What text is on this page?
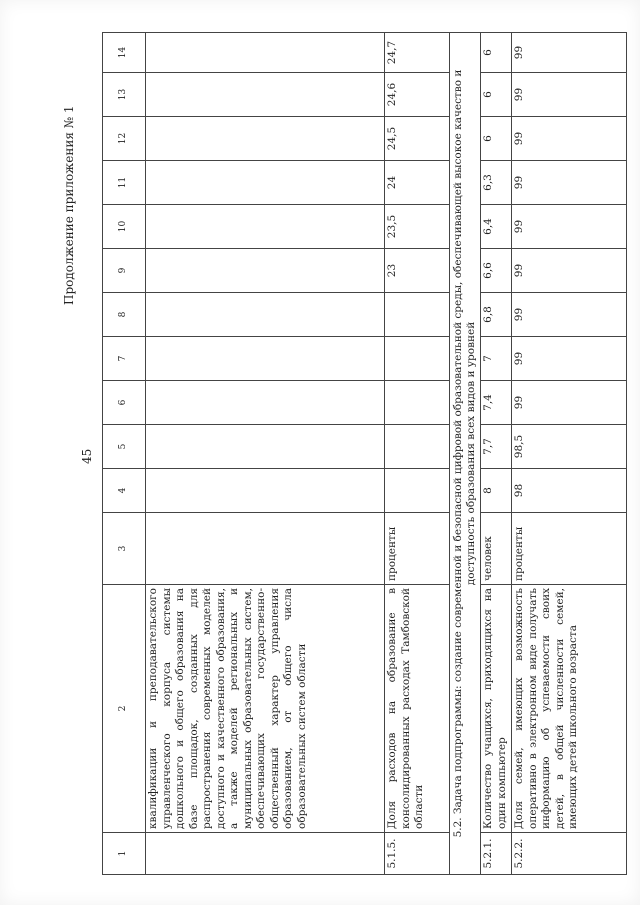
45
Продолжение приложения № 1
1	2	3	4	5	6	7	8	9	10	11	12	13	14
	квалификации и преподавательского управленческого корпуса системы дошкольного и общего образования на базе площадок, созданных для распространения современных моделей доступного и качественного образования, а также моделей региональных и муниципальных образовательных систем, обеспечивающих государственно-общественный характер управления образованием, от общего числа образовательных систем области												
5.1.5.	Доля расходов на образование в консолидированных расходах Тамбовской области	проценты						23	23,5	24	24,5	24,6	24,7
5.2. Задача подпрограммы: создание современной и безопасной цифровой образовательной среды, обеспечивающей высокое качество и доступность образования всех видов и уровней													
5.2.1.	Количество учащихся, приходящихся на один компьютер	человек	8	7,7	7,4	7	6,8	6,6	6,4	6,3	6	6	6
5.2.2.	Доля семей, имеющих возможность оперативно в электронном виде получать информацию об успеваемости своих детей, в общей численности семей, имеющих детей школьного возраста	проценты	98	98,5	99	99	99	99	99	99	99	99	99
